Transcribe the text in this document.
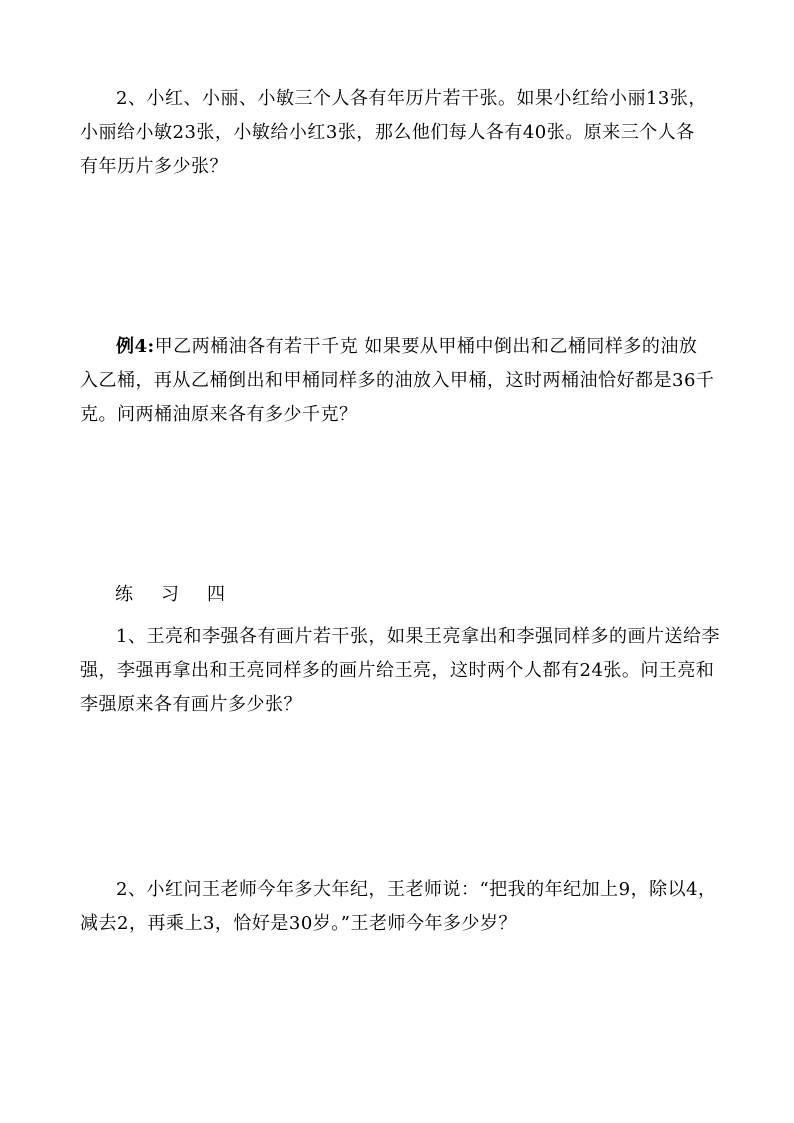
2、小红、小丽、小敏三个人各有年历片若干张。如果小红给小丽13张，
小丽给小敏23张，小敏给小红3张，那么他们每人各有40张。原来三个人各
有年历片多少张？
例4:甲乙两桶油各有若干千克 如果要从甲桶中倒出和乙桶同样多的油放
入乙桶，再从乙桶倒出和甲桶同样多的油放入甲桶，这时两桶油恰好都是36千
克。问两桶油原来各有多少千克？
练 习 四
1、王亮和李强各有画片若干张，如果王亮拿出和李强同样多的画片送给李
强，李强再拿出和王亮同样多的画片给王亮，这时两个人都有24张。问王亮和
李强原来各有画片多少张？
2、小红问王老师今年多大年纪，王老师说：“把我的年纪加上9，除以4，
减去2，再乘上3，恰好是30岁。”王老师今年多少岁？
